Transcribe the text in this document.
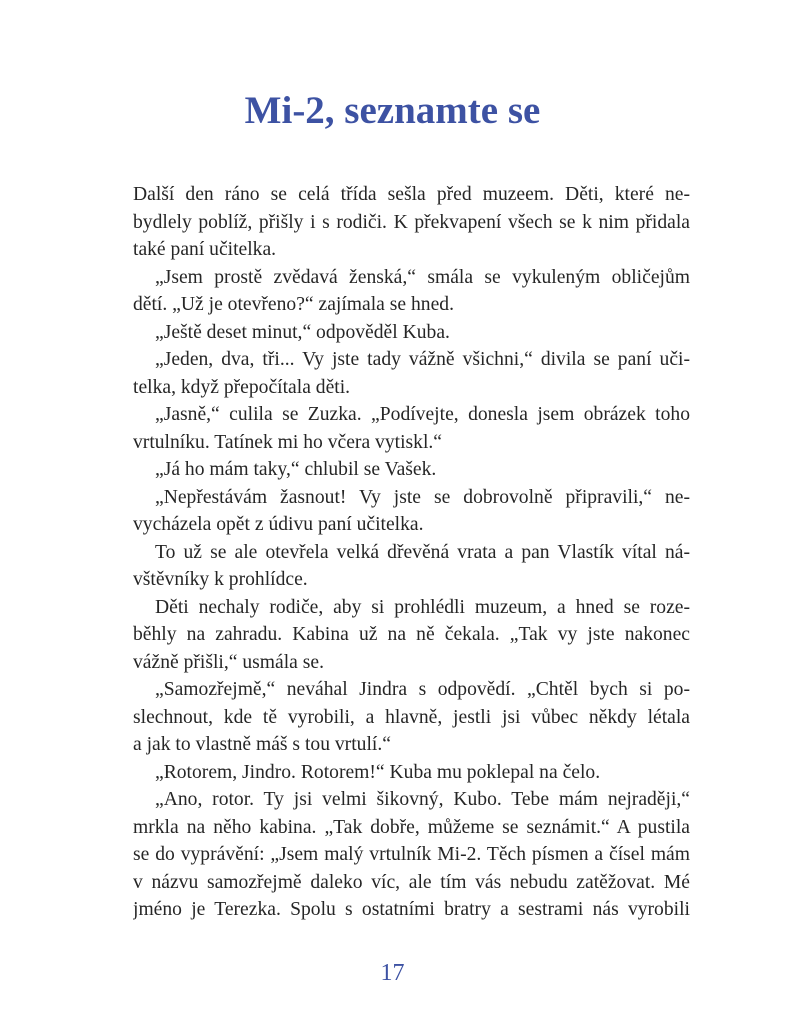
Mi-2, seznamte se
Další den ráno se celá třída sešla před muzeem. Děti, které ne-
bydlely poblíž, přišly i s rodiči. K překvapení všech se k nim přidala
také paní učitelka.
„Jsem prostě zvědavá ženská,“ smála se vykuleným obličejům
dětí. „Už je otevřeno?“ zajímala se hned.
„Ještě deset minut,“ odpověděl Kuba.
„Jeden, dva, tři... Vy jste tady vážně všichni,“ divila se paní uči-
telka, když přepočítala děti.
„Jasně,“ culila se Zuzka. „Podívejte, donesla jsem obrázek toho
vrtulníku. Tatínek mi ho včera vytiskl.“
„Já ho mám taky,“ chlubil se Vašek.
„Nepřestávám žasnout! Vy jste se dobrovolně připravili,“ ne-
vycházela opět z údivu paní učitelka.
To už se ale otevřela velká dřevěná vrata a pan Vlastík vítal ná-
vštěvníky k prohlídce.
Děti nechaly rodiče, aby si prohlédli muzeum, a hned se roze-
běhly na zahradu. Kabina už na ně čekala. „Tak vy jste nakonec
vážně přišli,“ usmála se.
„Samozřejmě,“ neváhal Jindra s odpovědí. „Chtěl bych si po-
slechnout, kde tě vyrobili, a hlavně, jestli jsi vůbec někdy létala
a jak to vlastně máš s tou vrtulí.“
„Rotorem, Jindro. Rotorem!“ Kuba mu poklepal na čelo.
„Ano, rotor. Ty jsi velmi šikovný, Kubo. Tebe mám nejraději,“
mrkla na něho kabina. „Tak dobře, můžeme se seznámit.“ A pustila
se do vyprávění: „Jsem malý vrtulník Mi-2. Těch písmen a čísel mám
v názvu samozřejmě daleko víc, ale tím vás nebudu zatěžovat. Mé
jméno je Terezka. Spolu s ostatními bratry a sestrami nás vyrobili
17
